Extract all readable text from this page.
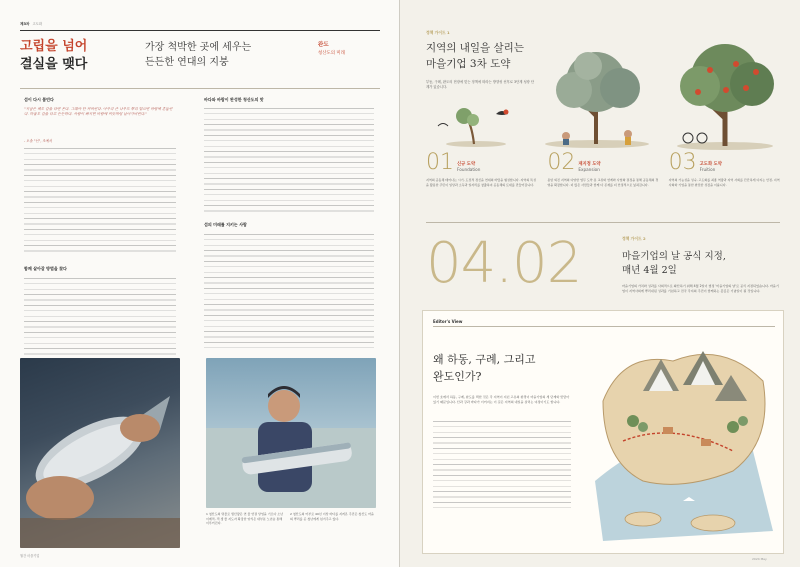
제3차 고도화
고립을 넘어
결실을 맺다
가장 척박한 곳에 세우는
든든한 연대의 지붕
완도
청산도의 미래
섬이 다시 붐빈다
"지금은 배도 갈을 타면 온다. 그래야 안 켜버린다. 아무리 큰 나무도 뿌리 얕으면 바람에 흔들린다. 마을도 갈을 타고 든든하다. 사람이 빠지면 바람에 씨앗처럼 날아가버린다."
- 오솔 "선", 조예서
함께 살아갈 방법을 찾다
바다와 바람이 완성한 청산도의 맛
섬의 미래를 지키는 사람
1 청산도의 명물로 생산량은 연 물 연결 상업을 기르다 소년 이례적, 객 생 줄 지도자 확장한 양식은 대부분 노년층 통해 이루어진다.
2 청산도의 어부로 40년 이상 바다를 지켜온 주민은 청산도 마을의 뿌리를 곧 청년에게 넘겨주고 있다.
월간 마을기업
정책 가이드 1
지역의 내일을 살리는
마을기업 3차 도약
부동, 구례, 완도의 현장에 맞는 정책에 따라는 방향성 선후로 3단계 성장 단계가 있습니다.
01 신규 도약
Foundation
지역의 공동체 태어나는 시기, 도전적 정신을 연대의 바탕을 형성합니다. 지역의 특성을 활용한 주민이 일상과 소득과 일자리를 창출하여 공동체의 토대를 만들어갑니다.
02 재지정 도약
Expansion
용암 외진 지역의 다양한 업무 도약 분 교류와 연계와 사업화 결정을 통해 공동체의 경영을 확장합니다. 더 많은 사람들과 함께 다 존재를 더 안정적으로 넓혀갑니다.
03 고도화 도약
Fruition
지역의 가능성을 성숙, 고도화를 최종 역량과 지역 사회를 단단하게 다지는 안정, 지역사회와 기업을 통한 완전한 성장을 이룹니다.
04.02	정책 가이드 2
마을기업의 날 공식 지정,
매년 4월 2일
마을기업의 가치와 성과를 사회적으로 확산하기 위해 4월 2일이 법정 '마을기업의 날'로 공식 지정되었습니다. 마을기업이 지역사회에 뿌리내린 성과를 기념하고 전국 각지의 주민이 함께하는 뜻깊은 기념일이 될 것입니다.
Editor's View
왜 하동, 구례, 그리고
완도인가?
이번 호에서 하동, 구례, 완도를 택한 것은 각 지역이 지닌 고유의 환경이 마을기업의 세 단계와 맞닿아 있기 때문입니다. 산과 강과 바다가 이어지는 이 길은 지역의 내일을 살리는 여정이기도 합니다.
2024 May
